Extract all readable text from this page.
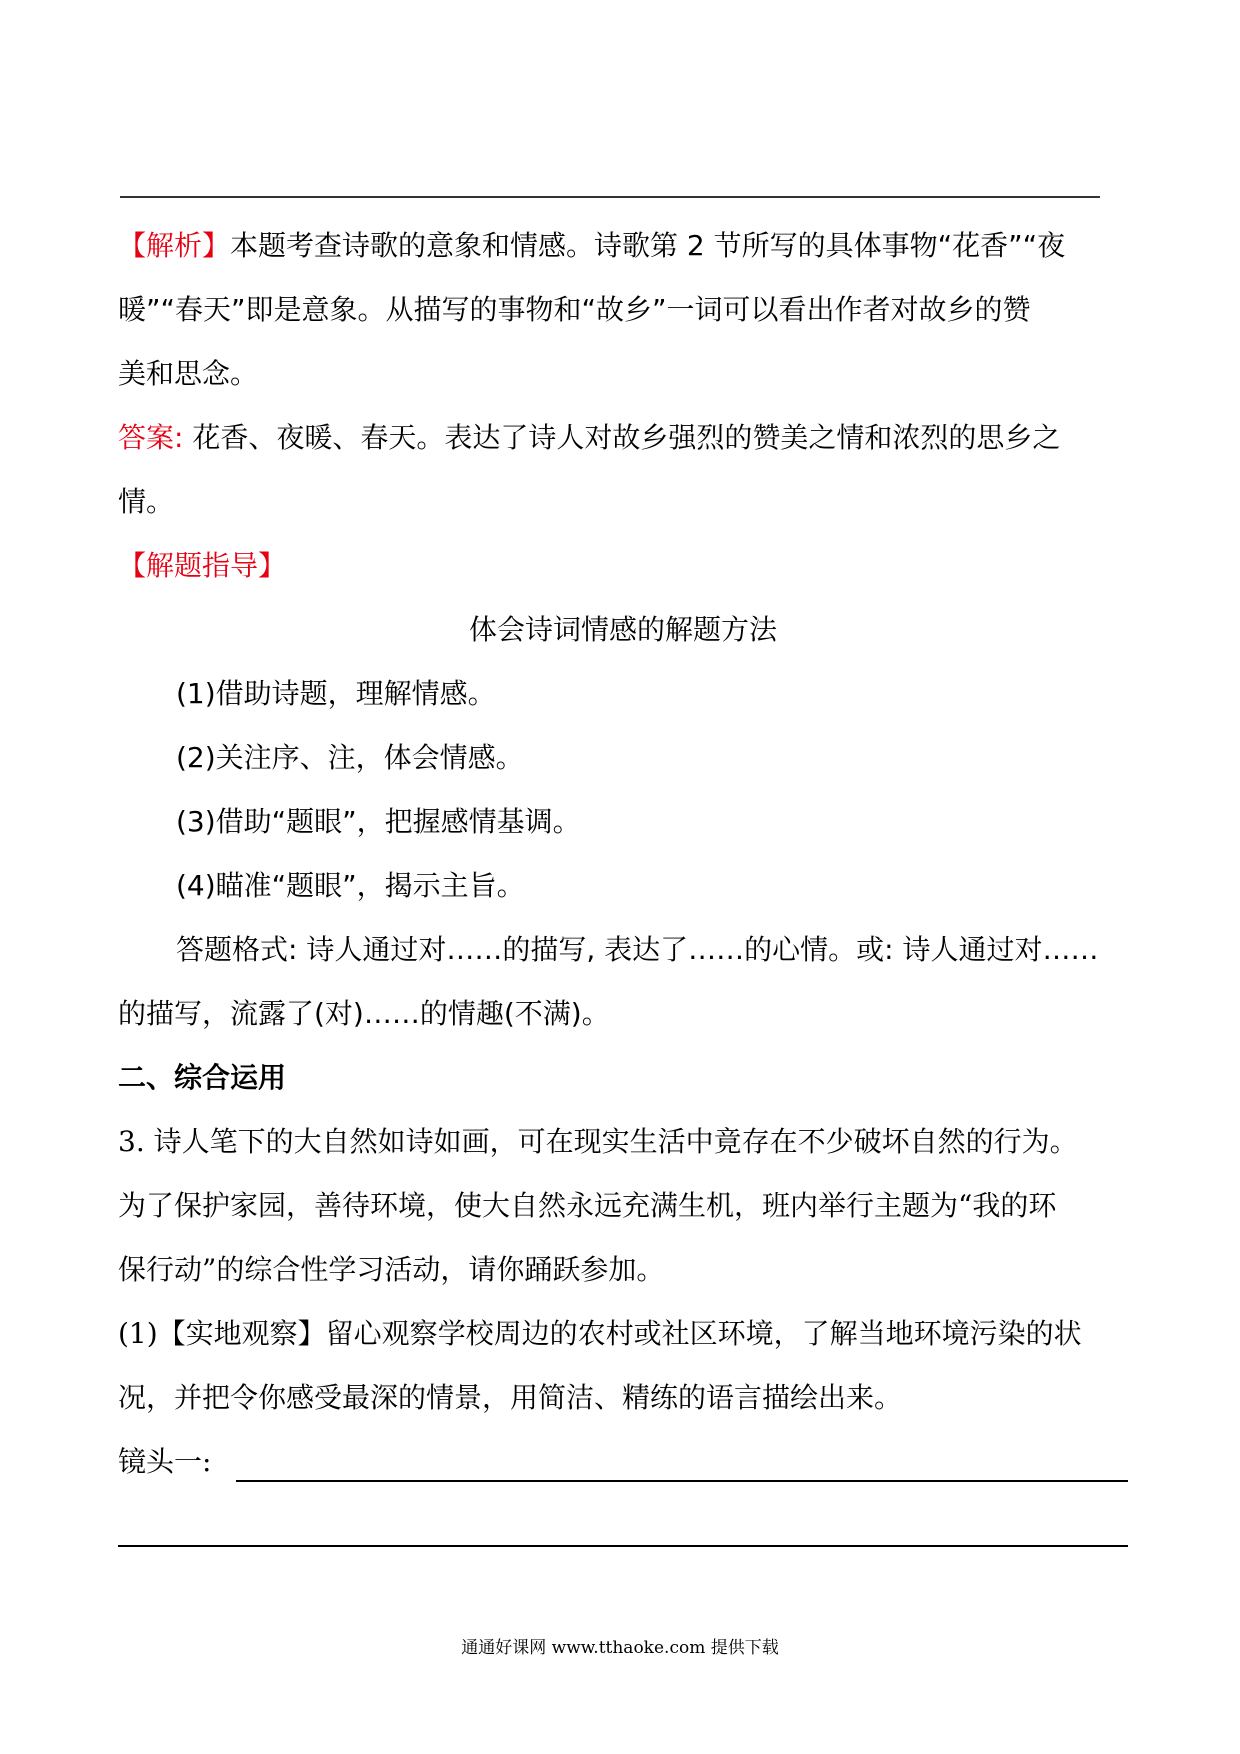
【解析】本题考查诗歌的意象和情感。诗歌第 2 节所写的具体事物“花香”“夜
暖”“春天”即是意象。从描写的事物和“故乡”一词可以看出作者对故乡的赞
美和思念。
答案: 花香、夜暖、春天。表达了诗人对故乡强烈的赞美之情和浓烈的思乡之
情。
【解题指导】
体会诗词情感的解题方法
(1)借助诗题，理解情感。
(2)关注序、注，体会情感。
(3)借助“题眼”，把握感情基调。
(4)瞄准“题眼”，揭示主旨。
答题格式: 诗人通过对……的描写, 表达了……的心情。或: 诗人通过对……
的描写，流露了(对)……的情趣(不满)。
二、综合运用
3. 诗人笔下的大自然如诗如画，可在现实生活中竟存在不少破坏自然的行为。
为了保护家园，善待环境，使大自然永远充满生机，班内举行主题为“我的环
保行动”的综合性学习活动，请你踊跃参加。
(1)【实地观察】留心观察学校周边的农村或社区环境，了解当地环境污染的状
况，并把令你感受最深的情景，用简洁、精练的语言描绘出来。
镜头一:
通通好课网 www.tthaoke.com 提供下载
